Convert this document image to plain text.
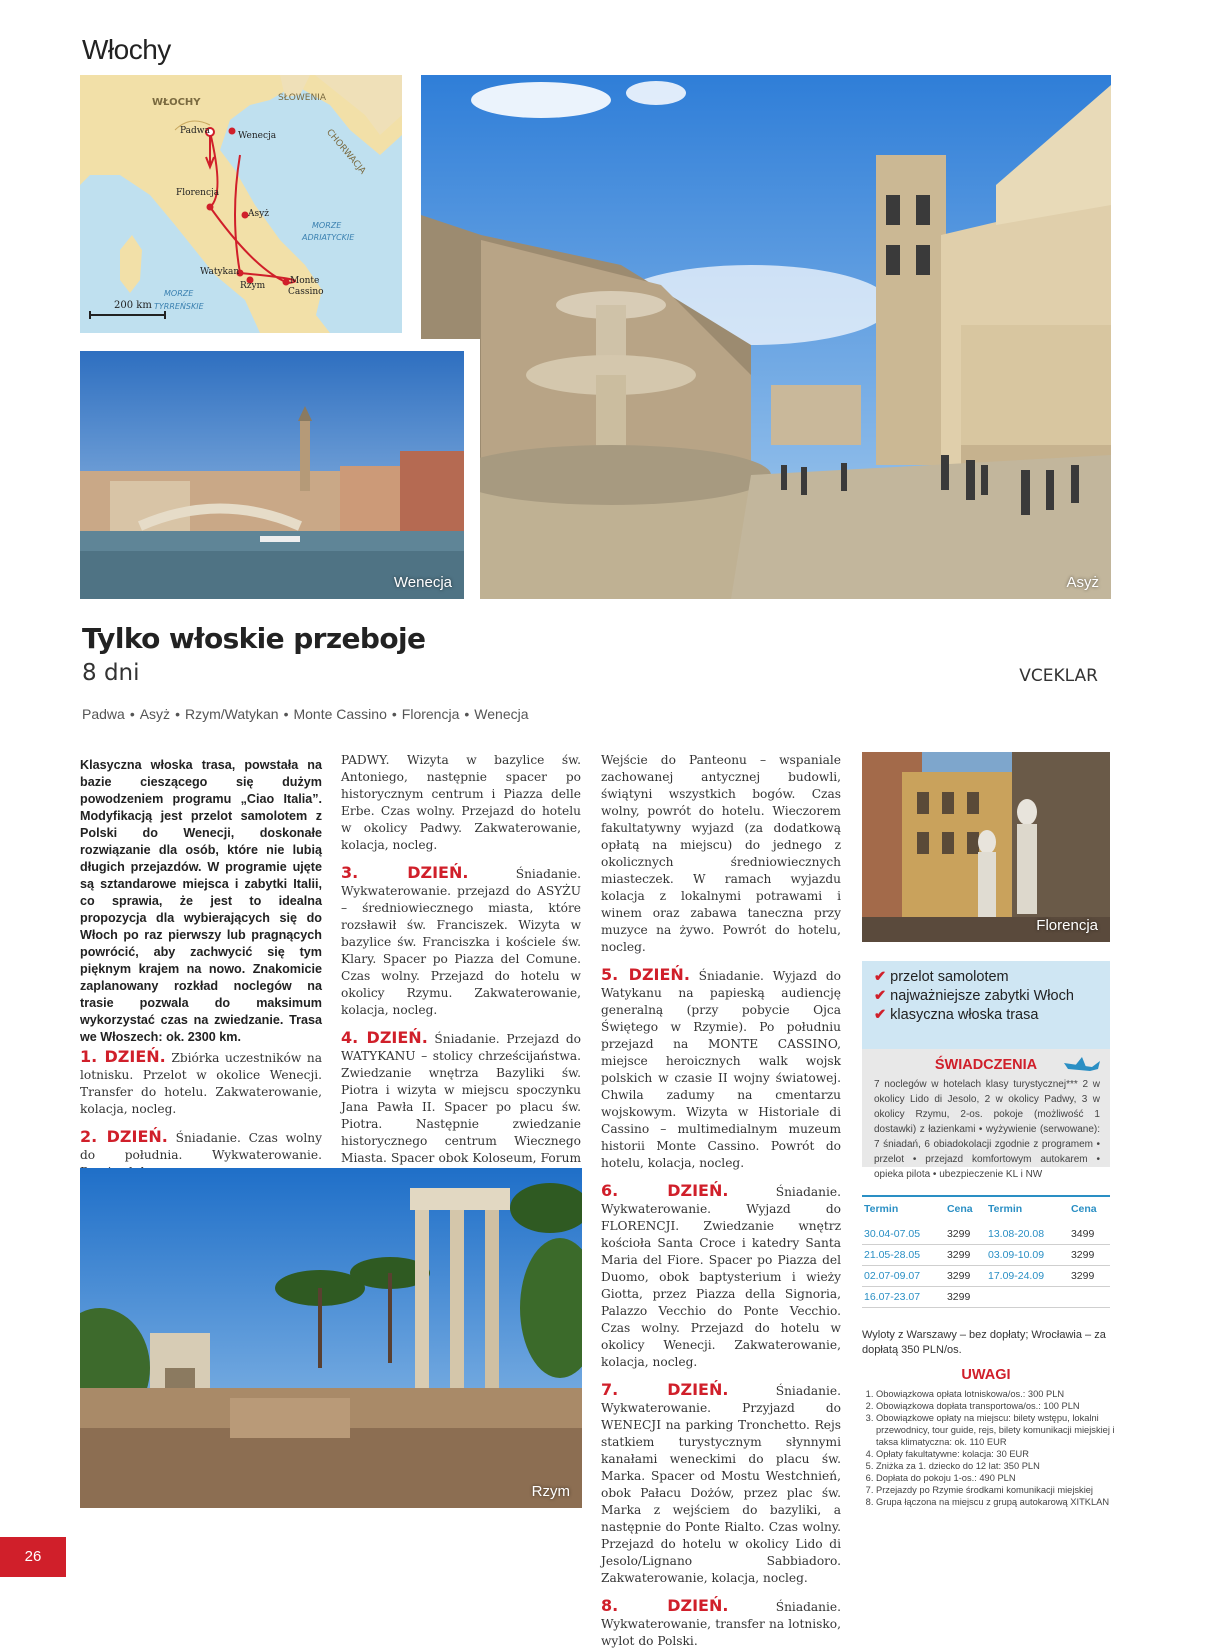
Włochy
WŁOCHY	SŁOWENIA
CHORWACJA
MORZE
ADRIATYCKIE
MORZE
TYRREŃSKIE
200 km
Padwa	Wenecja
Florencja
Asyż
Watykan
Rzym	Monte
Cassino
Asyż
Wenecja
Tylko włoskie przeboje
8 dni	VCEKLAR
Padwa • Asyż • Rzym/Watykan • Monte Cassino • Florencja • Wenecja
Klasyczna włoska trasa, powstała na bazie cieszącego się dużym powodzeniem programu „Ciao Italia”. Modyfikacją jest przelot samolotem z Polski do Wenecji, doskonałe rozwiązanie dla osób, które nie lubią długich przejazdów. W programie ujęte są sztandarowe miejsca i zabytki Italii, co sprawia, że jest to idealna propozycja dla wybierających się do Włoch po raz pierwszy lub pragnących powrócić, aby zachwycić się tym pięknym krajem na nowo. Znakomicie zaplanowany rozkład noclegów na trasie pozwala do maksimum wykorzystać czas na zwiedzanie. Trasa we Włoszech: ok. 2300 km.
1. DZIEŃ. Zbiórka uczestników na lotnisku. Przelot w okolice Wenecji. Transfer do hotelu. Zakwaterowanie, kolacja, nocleg.
2. DZIEŃ. Śniadanie. Czas wolny do południa. Wykwaterowanie.
PADWY. Wizyta w bazylice św. Antoniego, następnie spacer po historycznym centrum i Piazza delle Erbe. Czas wolny. Przejazd do hotelu w okolicy Padwy. Zakwaterowanie, kolacja, nocleg.
3. DZIEŃ.	Śniadanie. Wykwaterowanie. przejazd do ASYŻU – średniowiecznego miasta, które rozsławił św. Franciszek. Wizyta w bazylice św. Franciszka i kościele św. Klary. Spacer po Piazza del Comune. Czas wolny. Przejazd do hotelu w okolicy Rzymu. Zakwaterowanie, kolacja, nocleg.
4. DZIEŃ. Śniadanie. Przejazd do WATYKANU – stolicy chrześcijaństwa. Zwiedzanie wnętrza Bazyliki św. Piotra i wizyta w miejscu spoczynku Jana Pawła II. Spacer po placu św. Piotra. Następnie zwiedzanie historycznego centrum Wiecznego Miasta. Spacer obok Koloseum, Forum
Wejście do Panteonu – wspaniale zachowanej antycznej budowli, świątyni wszystkich bogów. Czas wolny, powrót do hotelu. Wieczorem fakultatywny wyjazd (za dodatkową opłatą na miejscu) do jednego z okolicznych średniowiecznych miasteczek. W ramach wyjazdu kolacja z lokalnymi potrawami i winem oraz zabawa taneczna przy muzyce na żywo. Powrót do hotelu, nocleg.
5. DZIEŃ. Śniadanie. Wyjazd do Watykanu na papieską audiencję generalną (przy pobycie Ojca Świętego w Rzymie). Po południu przejazd na MONTE CASSINO, miejsce heroicznych walk wojsk polskich w czasie II wojny światowej. Chwila zadumy na cmentarzu wojskowym. Wizyta w Historiale di Cassino – multimedialnym muzeum historii Monte Cassino. Powrót do hotelu, kolacja, nocleg.
6. DZIEŃ.	Śniadanie. Wykwaterowanie. Wyjazd do FLORENCJI. Zwiedzanie wnętrz kościoła Santa Croce i katedry Santa Maria del Fiore. Spacer po Piazza del Duomo, obok baptysterium i wieży Giotta, przez Piazza della Signoria, Palazzo Vecchio do Ponte Vecchio. Czas wolny. Przejazd do hotelu w okolicy Wenecji. Zakwaterowanie, kolacja, nocleg.
7. DZIEŃ.	Śniadanie. Wykwaterowanie. Przyjazd do WENECJI na parking Tronchetto. Rejs statkiem turystycznym słynnymi kanałami weneckimi do placu św. Marka. Spacer od Mostu Westchnień, obok Pałacu Dożów, przez plac św. Marka z wejściem do bazyliki, a następnie do Ponte Rialto. Czas wolny. Przejazd do hotelu w okolicy Lido di Jesolo/Lignano Sabbiadoro. Zakwaterowanie, kolacja, nocleg.
8. DZIEŃ.	Śniadanie. Wykwaterowanie, transfer na lotnisko, wylot do Polski.
Rzym
Florencja
✔ przelot samolotem
✔ najważniejsze zabytki Włoch
✔ klasyczna włoska trasa
ŚWIADCZENIA

7 noclegów w hotelach klasy turystycznej*** 2 w okolicy Lido di Jesolo, 2 w okolicy Padwy, 3 w okolicy Rzymu, 2-os. pokoje (możliwość 1 dostawki) z łazienkami • wyżywienie (serwowane): 7 śniadań, 6 obiadokolacji zgodnie z programem • przelot • przejazd komfortowym autokarem • opieka pilota • ubezpieczenie KL i NW

Termin	Cena	Termin	Cena
30.04-07.05	3299	13.08-20.08	3499
21.05-28.05	3299	03.09-10.09	3299
02.07-09.07	3299	17.09-24.09	3299
16.07-23.07	3299		
Wyloty z Warszawy – bez dopłaty; Wrocławia – za dopłatą 350 PLN/os.
UWAGI
1. Obowiązkowa opłata lotniskowa/os.: 300 PLN
2. Obowiązkowa dopłata transportowa/os.: 100 PLN
3. Obowiązkowe opłaty na miejscu: bilety wstępu, lokalni przewodnicy, tour guide, rejs, bilety komunikacji miejskiej i taksa klimatyczna: ok. 110 EUR
4. Opłaty fakultatywne: kolacja: 30 EUR
5. Zniżka za 1. dziecko do 12 lat: 350 PLN
6. Dopłata do pokoju 1-os.: 490 PLN
7. Przejazdy po Rzymie środkami komunikacji miejskiej
8. Grupa łączona na miejscu z grupą autokarową XITKLAN
26
